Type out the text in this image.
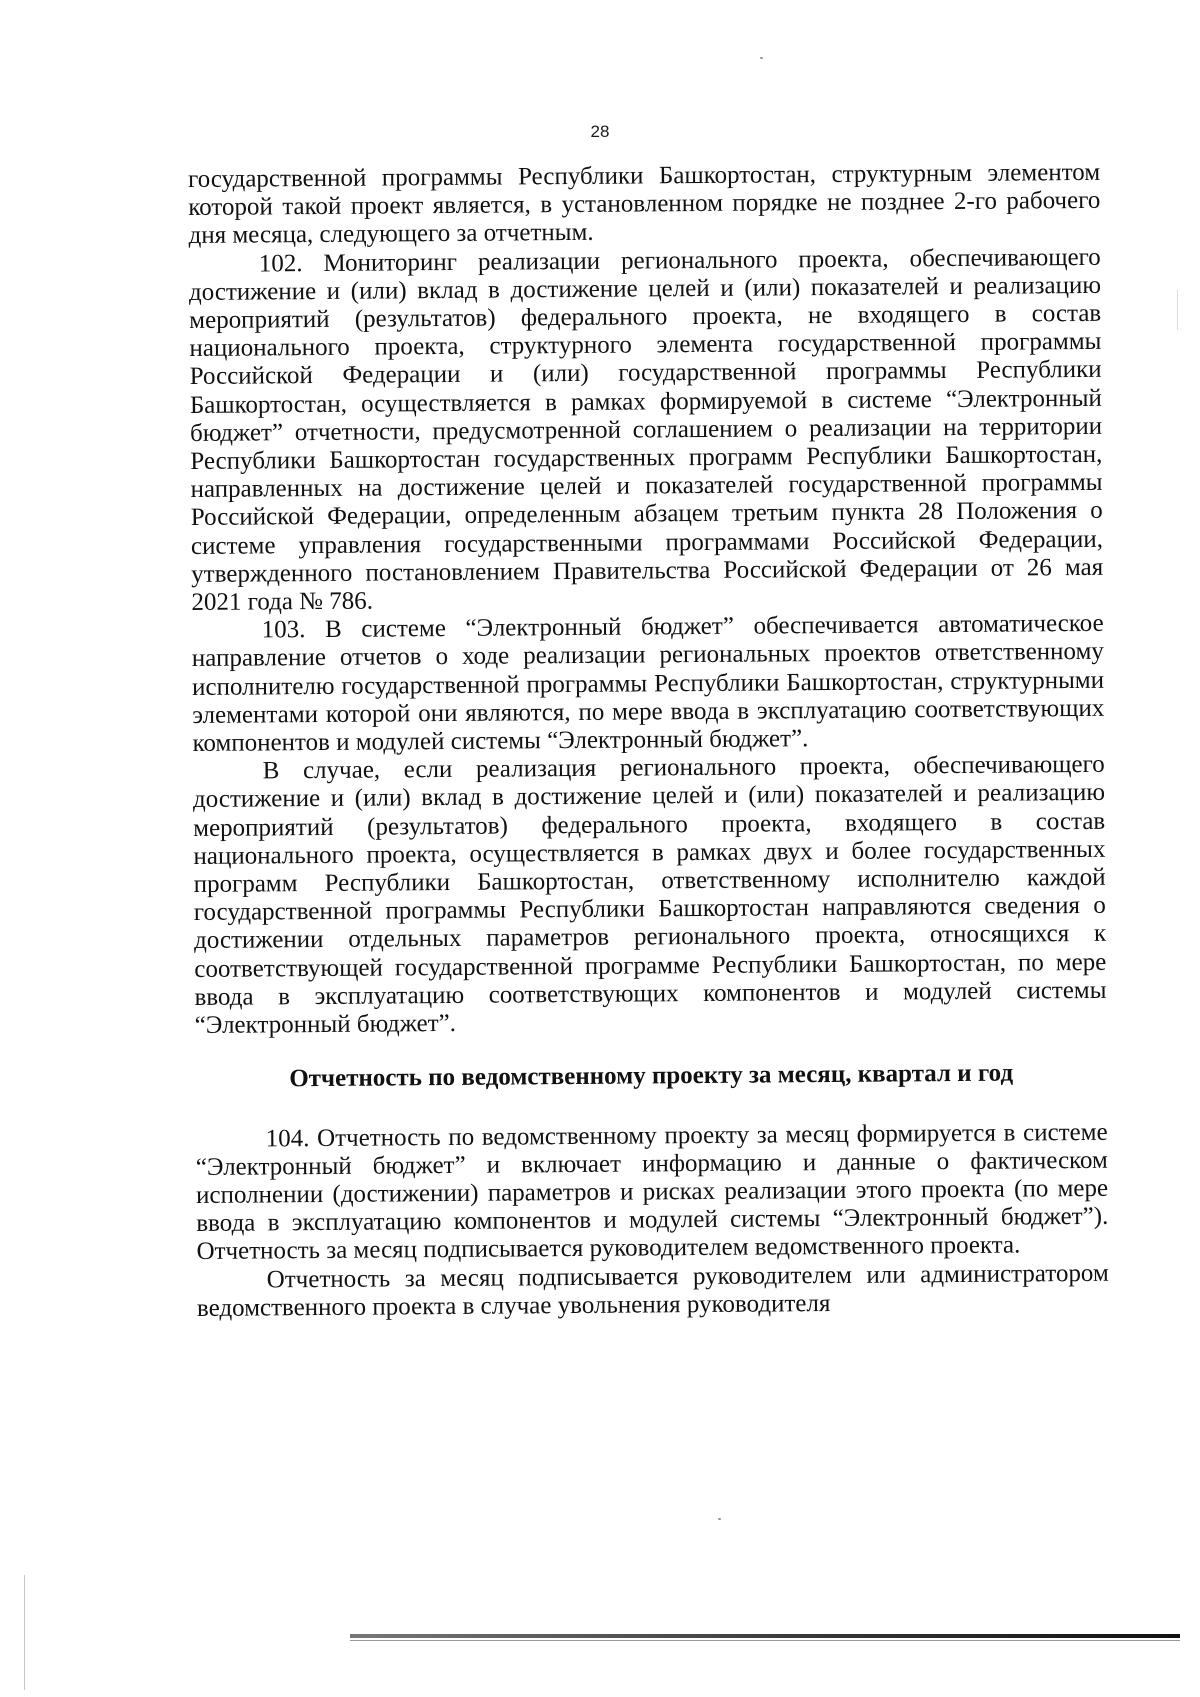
28

государственной программы Республики Башкортостан, структурным элементом которой такой проект является, в установленном порядке не позднее 2-го рабочего дня месяца, следующего за отчетным.

102. Мониторинг реализации регионального проекта, обеспечивающего достижение и (или) вклад в достижение целей и (или) показателей и реализацию мероприятий (результатов) федерального проекта, не входящего в состав национального проекта, структурного элемента государственной программы Российской Федерации и (или) государственной программы Республики Башкортостан, осуществляется в рамках формируемой в системе “Электронный бюджет” отчетности, предусмотренной соглашением о реализации на территории Республики Башкортостан государственных программ Республики Башкортостан, направленных на достижение целей и показателей государственной программы Российской Федерации, определенным абзацем третьим пункта 28 Положения о системе управления государственными программами Российской Федерации, утвержденного постановлением Правительства Российской Федерации от 26 мая 2021 года № 786.

103. В системе “Электронный бюджет” обеспечивается автоматическое направление отчетов о ходе реализации региональных проектов ответственному исполнителю государственной программы Республики Башкортостан, структурными элементами которой они являются, по мере ввода в эксплуатацию соответствующих компонентов и модулей системы “Электронный бюджет”.

В случае, если реализация регионального проекта, обеспечивающего достижение и (или) вклад в достижение целей и (или) показателей и реализацию мероприятий (результатов) федерального проекта, входящего в состав национального проекта, осуществляется в рамках двух и более государственных программ Республики Башкортостан, ответственному исполнителю каждой государственной программы Республики Башкортостан направляются сведения о достижении отдельных параметров регионального проекта, относящихся к соответствующей государственной программе Республики Башкортостан, по мере ввода в эксплуатацию соответствующих компонентов и модулей системы “Электронный бюджет”.

Отчетность по ведомственному проекту за месяц, квартал и год

104. Отчетность по ведомственному проекту за месяц формируется в системе “Электронный бюджет” и включает информацию и данные о фактическом исполнении (достижении) параметров и рисках реализации этого проекта (по мере ввода в эксплуатацию компонентов и модулей системы “Электронный бюджет”). Отчетность за месяц подписывается руководителем ведомственного проекта.

Отчетность за месяц подписывается руководителем или администратором ведомственного проекта в случае увольнения руководителя
